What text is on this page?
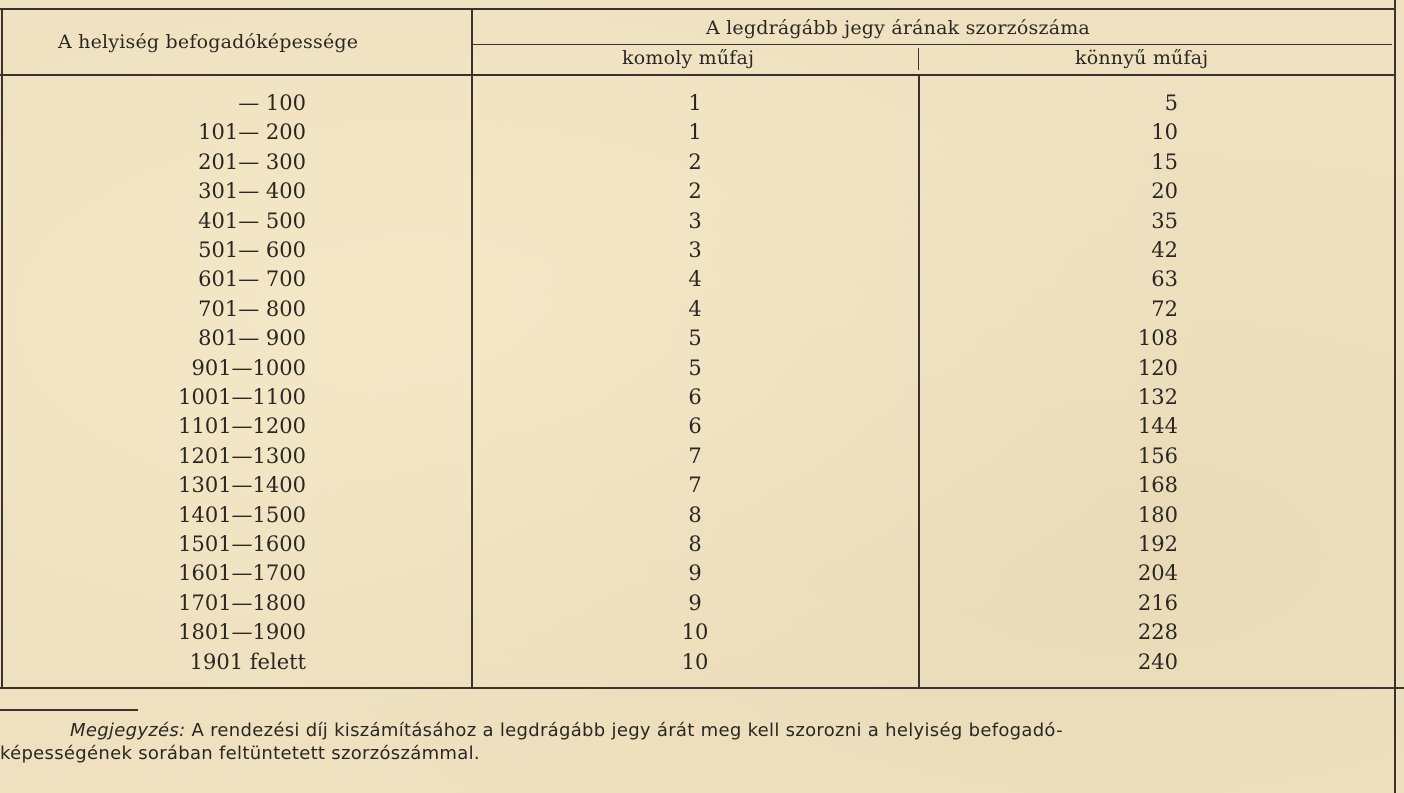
A helyiség befogadóképessége
A legdrágább jegy árának szorzószáma
komoly műfaj	könnyű műfaj
— 100	1	5
101— 200	1	10
201— 300	2	15
301— 400	2	20
401— 500	3	35
501— 600	3	42
601— 700	4	63
701— 800	4	72
801— 900	5	108
901—1000	5	120
1001—1100	6	132
1101—1200	6	144
1201—1300	7	156
1301—1400	7	168
1401—1500	8	180
1501—1600	8	192
1601—1700	9	204
1701—1800	9	216
1801—1900	10	228
1901 felett	10	240
Megjegyzés: A rendezési díj kiszámításához a legdrágább jegy árát meg kell szorozni a helyiség befogadó-
képességének sorában feltüntetett szorzószámmal.
